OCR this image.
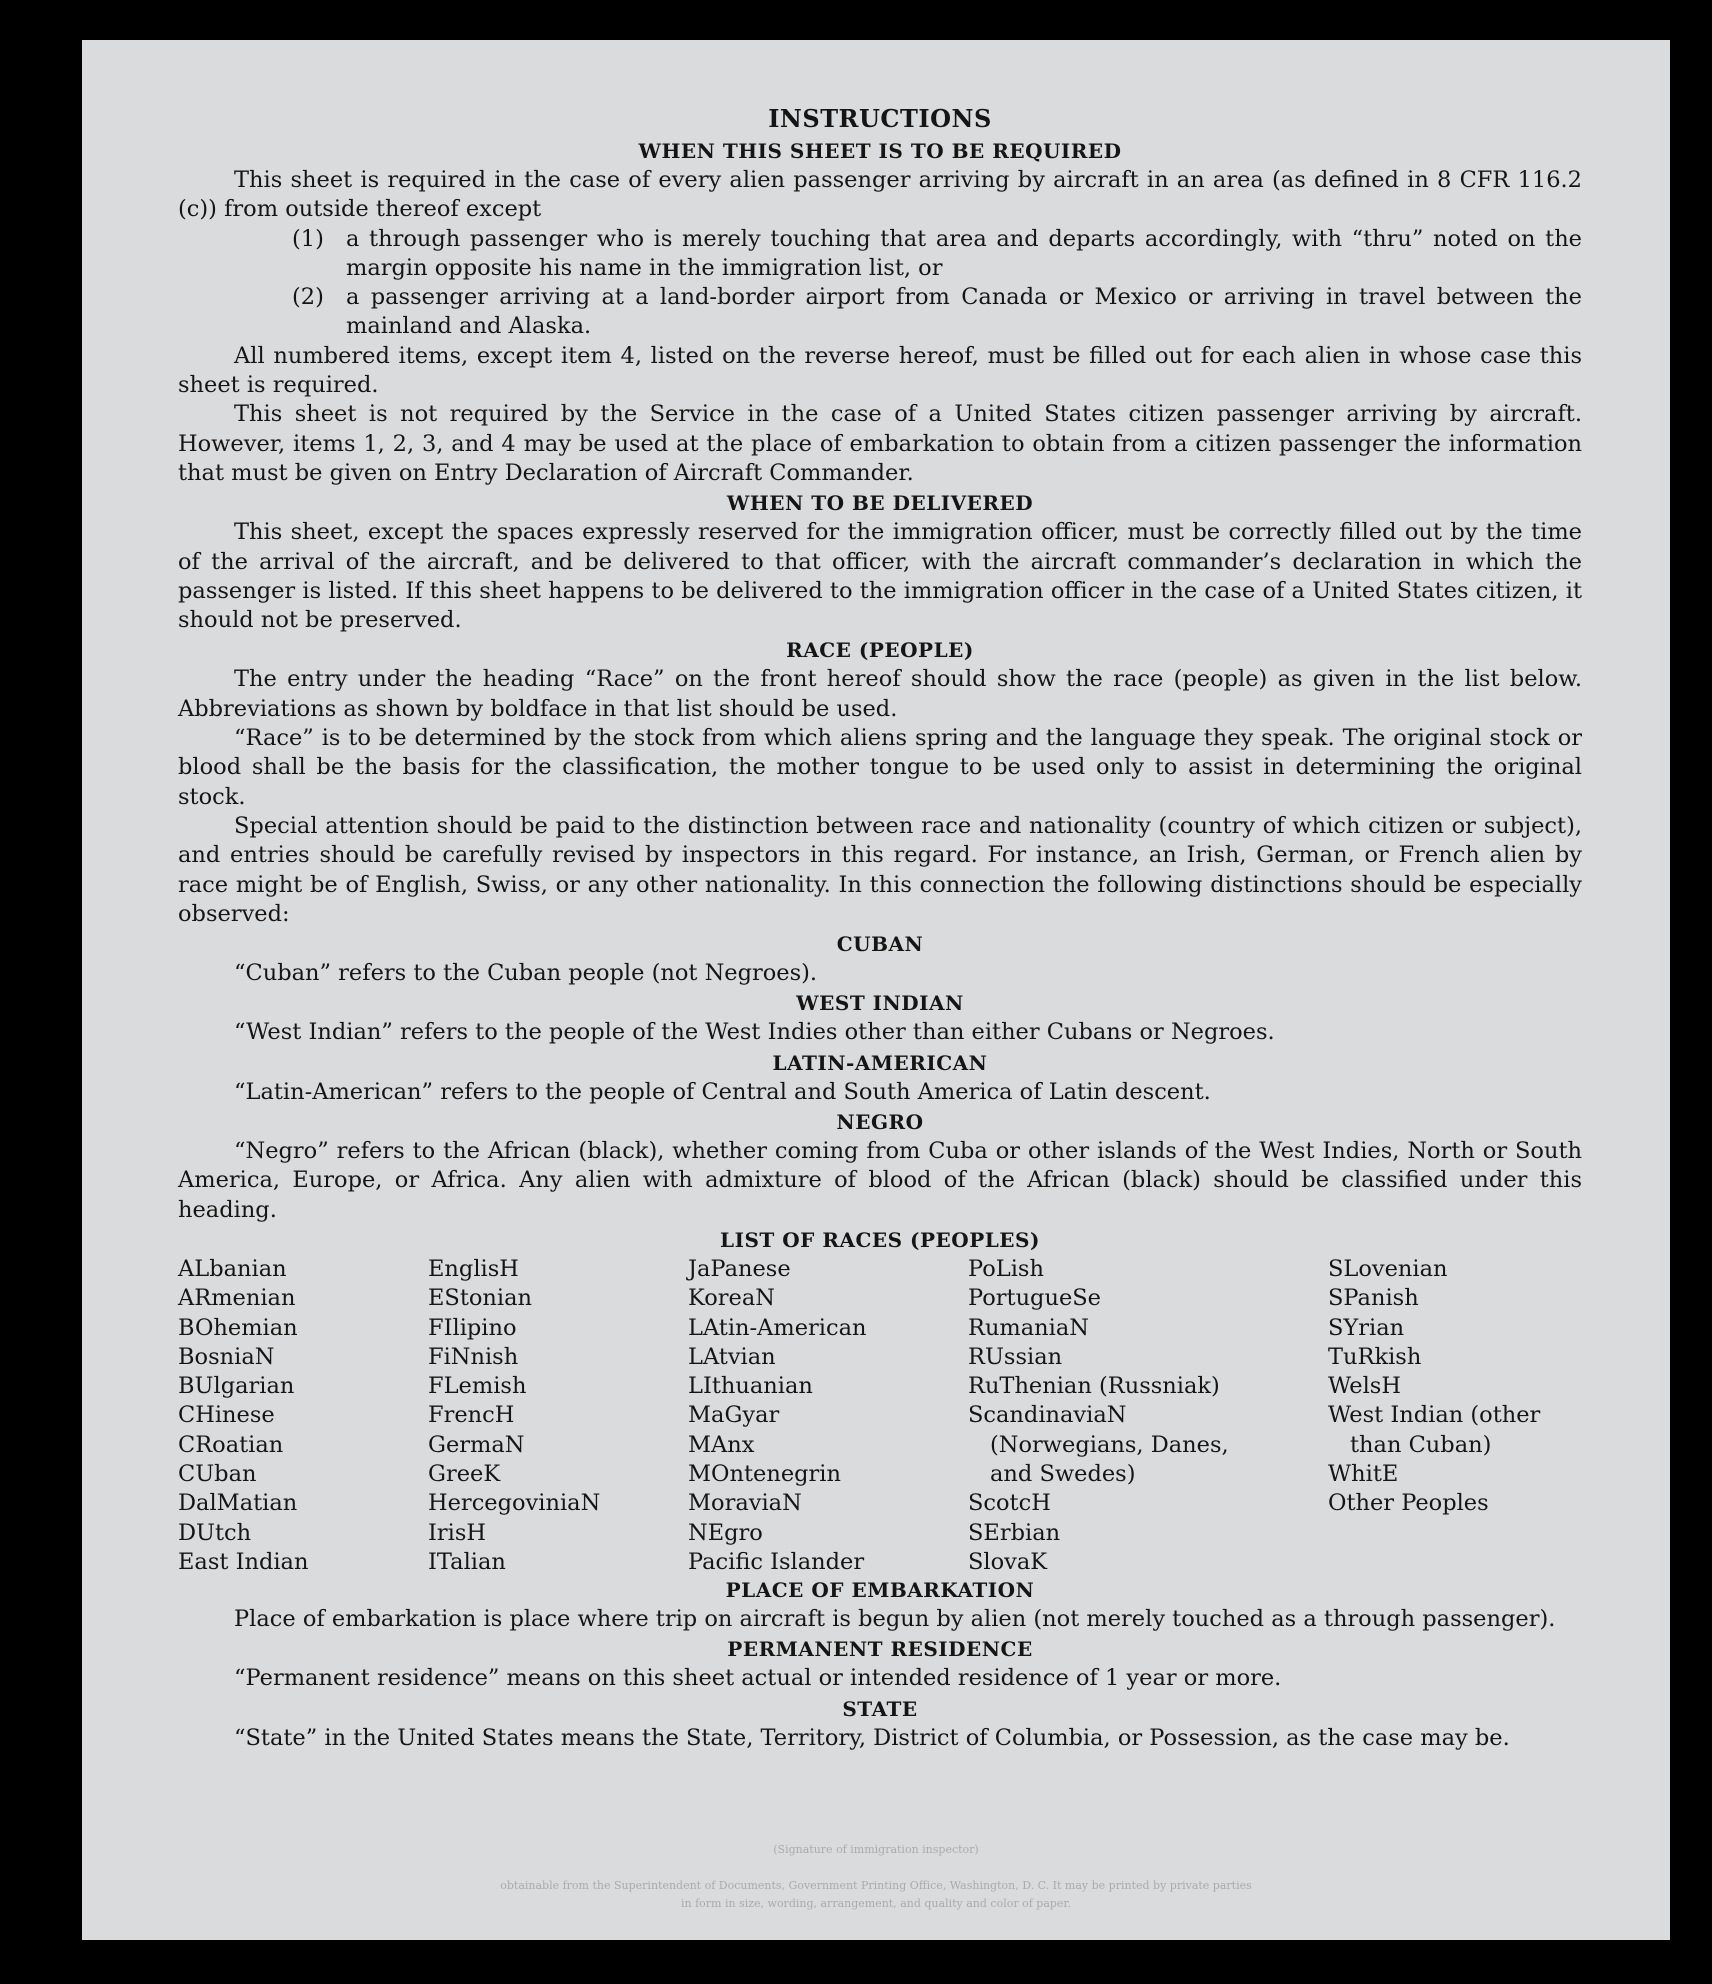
INSTRUCTIONS
WHEN THIS SHEET IS TO BE REQUIRED

This sheet is required in the case of every alien passenger arriving by aircraft in an area (as defined in 8 CFR 116.2 (c)) from outside thereof except

(1) a through passenger who is merely touching that area and departs accordingly, with “thru” noted on the margin opposite his name in the immigration list, or

(2) a passenger arriving at a land-border airport from Canada or Mexico or arriving in travel between the mainland and Alaska.

All numbered items, except item 4, listed on the reverse hereof, must be filled out for each alien in whose case this sheet is required.

This sheet is not required by the Service in the case of a United States citizen passenger arriving by aircraft. However, items 1, 2, 3, and 4 may be used at the place of embarkation to obtain from a citizen passenger the information that must be given on Entry Declaration of Aircraft Commander.

WHEN TO BE DELIVERED

This sheet, except the spaces expressly reserved for the immigration officer, must be correctly filled out by the time of the arrival of the aircraft, and be delivered to that officer, with the aircraft commander’s declaration in which the passenger is listed. If this sheet happens to be delivered to the immigration officer in the case of a United States citizen, it should not be preserved.

RACE (PEOPLE)

The entry under the heading “Race” on the front hereof should show the race (people) as given in the list below. Abbreviations as shown by boldface in that list should be used.

“Race” is to be determined by the stock from which aliens spring and the language they speak. The original stock or blood shall be the basis for the classification, the mother tongue to be used only to assist in determining the original stock.

Special attention should be paid to the distinction between race and nationality (country of which citizen or subject), and entries should be carefully revised by inspectors in this regard. For instance, an Irish, German, or French alien by race might be of English, Swiss, or any other nationality. In this connection the following distinctions should be especially observed:

CUBAN

“Cuban” refers to the Cuban people (not Negroes).

WEST INDIAN

“West Indian” refers to the people of the West Indies other than either Cubans or Negroes.

LATIN-AMERICAN

“Latin-American” refers to the people of Central and South America of Latin descent.

NEGRO

“Negro” refers to the African (black), whether coming from Cuba or other islands of the West Indies, North or South America, Europe, or Africa. Any alien with admixture of blood of the African (black) should be classified under this heading.

LIST OF RACES (PEOPLES)
ALbanian
ARmenian
BOhemian
BosniaN
BUlgarian
CHinese
CRoatian
CUban
DalMatian
DUtch
East Indian
EnglisH
EStonian
FIlipino
FiNnish
FLemish
FrencH
GermaN
GreeK
HercegoviniaN
IrisH
ITalian
JaPanese
KoreaN
LAtin-American
LAtvian
LIthuanian
MaGyar
MAnx
MOntenegrin
MoraviaN
NEgro
Pacific Islander
PoLish
PortugueSe
RumaniaN
RUssian
RuThenian (Russniak)
ScandinaviaN (Norwegians, Danes, and Swedes)
ScotcH
SErbian
SlovaK
SLovenian
SPanish
SYrian
TuRkish
WelsH
West Indian (other than Cuban)
WhitE
Other Peoples
PLACE OF EMBARKATION

Place of embarkation is place where trip on aircraft is begun by alien (not merely touched as a through passenger).

PERMANENT RESIDENCE

“Permanent residence” means on this sheet actual or intended residence of 1 year or more.

STATE

“State” in the United States means the State, Territory, District of Columbia, or Possession, as the case may be.

(Signature of immigration inspector)
obtainable from the Superintendent of Documents, Government Printing Office, Washington, D. C. It may be printed by private parties
in form in size, wording, arrangement, and quality and color of paper.
